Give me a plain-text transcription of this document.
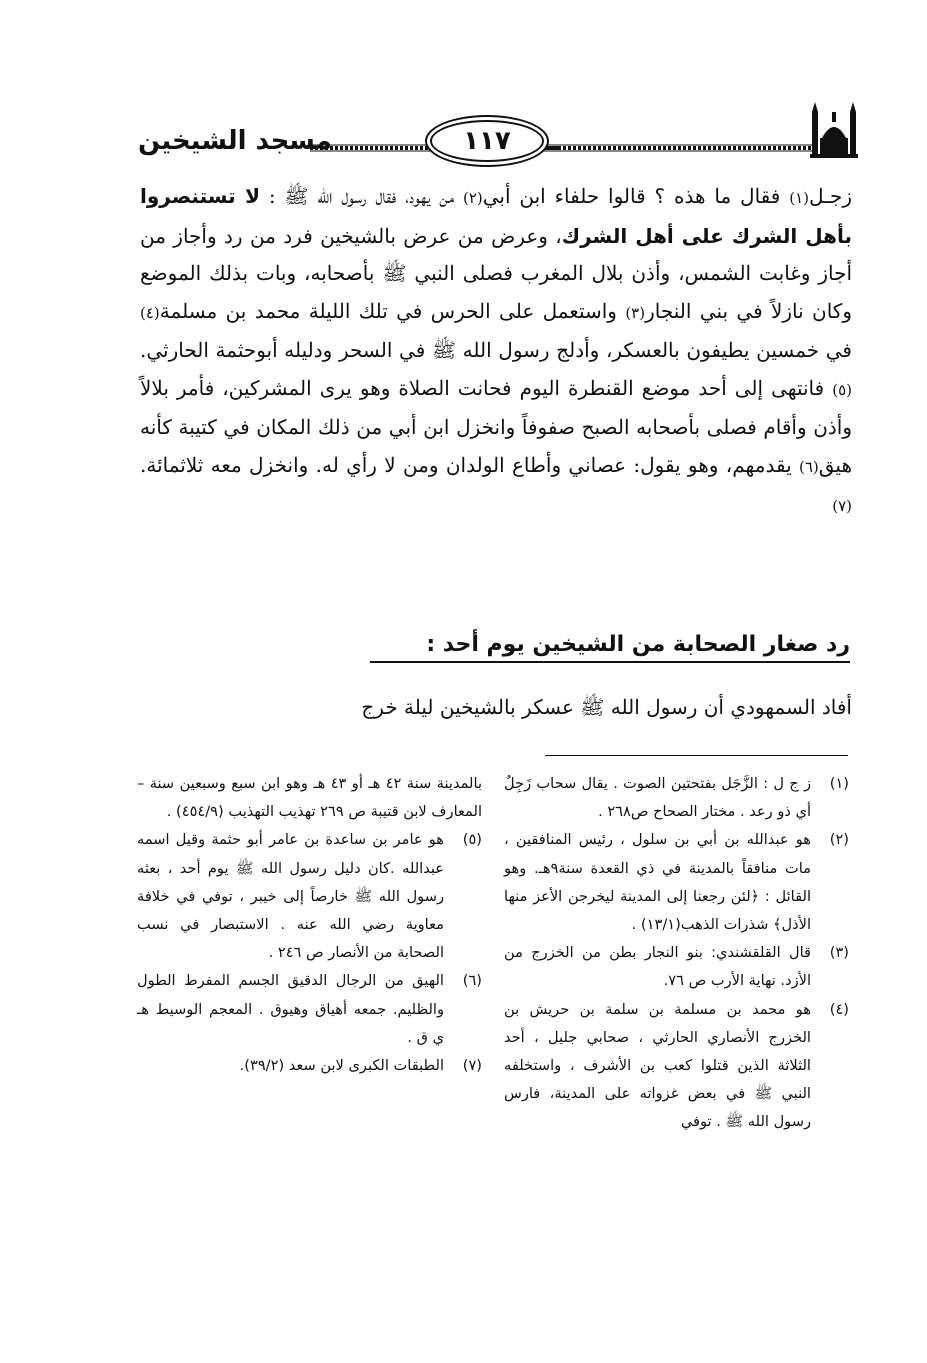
مسجد الشيخين	١١٧

زجـل(١) فقال ما هذه ؟ قالوا حلفاء ابن أبي(٢) من يهود، فقال رسول الله ﷺ : لا تستنصروا بأهل الشرك على أهل الشرك، وعرض من عرض بالشيخين فرد من رد وأجاز من أجاز وغابت الشمس، وأذن بلال المغرب فصلى النبي ﷺ بأصحابه، وبات بذلك الموضع وكان نازلاً في بني النجار(٣) واستعمل على الحرس في تلك الليلة محمد بن مسلمة(٤) في خمسين يطيفون بالعسكر، وأدلج رسول الله ﷺ في السحر ودليله أبوحثمة الحارثي.(٥) فانتهى إلى أحد موضع القنطرة اليوم فحانت الصلاة وهو يرى المشركين، فأمر بلالاً وأذن وأقام فصلى بأصحابه الصبح صفوفاً وانخزل ابن أبي من ذلك المكان في كتيبة كأنه هيق(٦) يقدمهم، وهو يقول: عصاني وأطاع الولدان ومن لا رأي له. وانخزل معه ثلاثمائة.(٧)

رد صغار الصحابة من الشيخين يوم أحد :
أفاد السمهودي أن رسول الله ﷺ عسكر بالشيخين ليلة خرج
(١)
ز ج ل : الزَّجَل بفتحتين الصوت . يقال سحاب زَجِلٌ أي ذو رعد . مختار الصحاح ص٢٦٨ .
(٢)
هو عبدالله بن أبي بن سلول ، رئيس المنافقين ، مات منافقاً بالمدينة في ذي القعدة سنة٩هـ. وهو القائل : ﴿لئن رجعنا إلى المدينة ليخرجن الأعز منها الأذل﴾ شذرات الذهب(١٣/١) .
(٣)
قال القلقشندي: بنو النجار بطن من الخزرج من الأزد. نهاية الأرب ص ٧٦.
(٤)
هو محمد بن مسلمة بن سلمة بن حريش بن الخزرج الأنصاري الحارثي ، صحابي جليل ، أحد الثلاثة الذين قتلوا كعب بن الأشرف ، واستخلفه النبي ﷺ في بعض غزواته على المدينة، فارس رسول الله ﷺ . توفي
بالمدينة سنة ٤٢ هـ أو ٤٣ هـ وهو ابن سبع وسبعين سنة – المعارف لابن قتيبة ص ٢٦٩ تهذيب التهذيب (٤٥٤/٩) .
(٥)
هو عامر بن ساعدة بن عامر أبو حثمة وقيل اسمه عبدالله .كان دليل رسول الله ﷺ يوم أحد ، بعثه رسول الله ﷺ خارصاً إلى خيبر ، توفي في خلافة معاوية رضي الله عنه . الاستبصار في نسب الصحابة من الأنصار ص ٢٤٦ .
(٦)
الهيق من الرجال الدقيق الجسم المفرط الطول والظليم. جمعه أهياق وهيوق . المعجم الوسيط هـ ي ق .
(٧)
الطبقات الكبرى لابن سعد (٣٩/٢).
